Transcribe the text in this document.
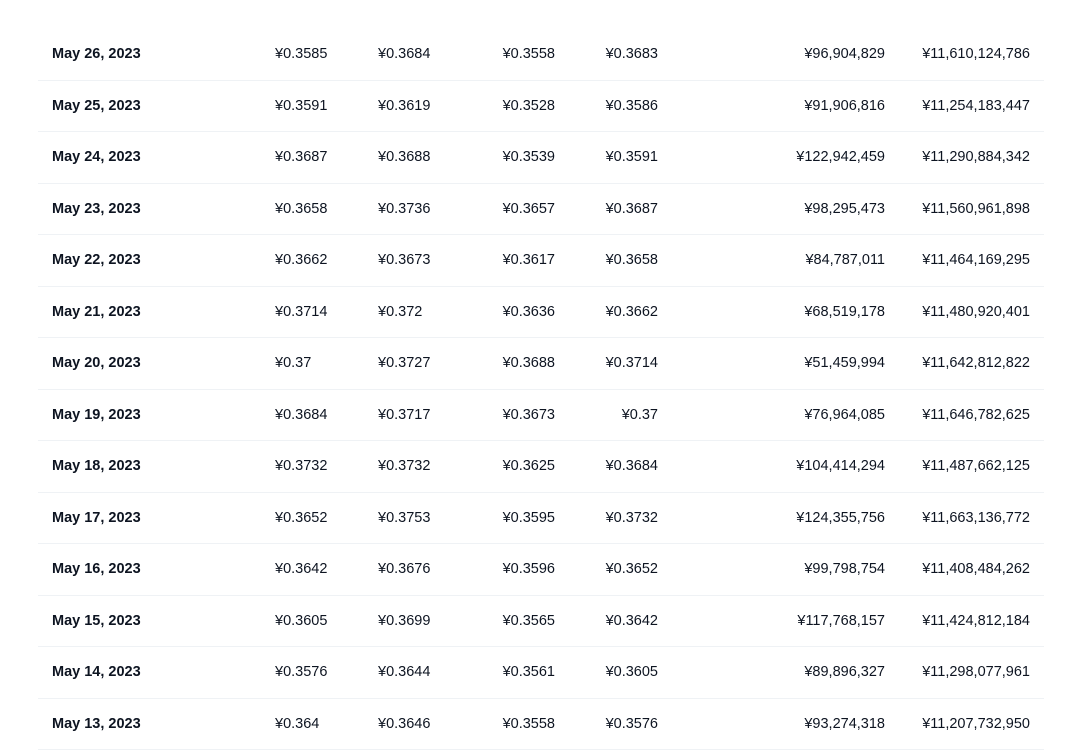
May 26, 2023	¥0.3585	¥0.3684	¥0.3558	¥0.3683	¥96,904,829	¥11,610,124,786
May 25, 2023	¥0.3591	¥0.3619	¥0.3528	¥0.3586	¥91,906,816	¥11,254,183,447
May 24, 2023	¥0.3687	¥0.3688	¥0.3539	¥0.3591	¥122,942,459	¥11,290,884,342
May 23, 2023	¥0.3658	¥0.3736	¥0.3657	¥0.3687	¥98,295,473	¥11,560,961,898
May 22, 2023	¥0.3662	¥0.3673	¥0.3617	¥0.3658	¥84,787,011	¥11,464,169,295
May 21, 2023	¥0.3714	¥0.372	¥0.3636	¥0.3662	¥68,519,178	¥11,480,920,401
May 20, 2023	¥0.37	¥0.3727	¥0.3688	¥0.3714	¥51,459,994	¥11,642,812,822
May 19, 2023	¥0.3684	¥0.3717	¥0.3673	¥0.37	¥76,964,085	¥11,646,782,625
May 18, 2023	¥0.3732	¥0.3732	¥0.3625	¥0.3684	¥104,414,294	¥11,487,662,125
May 17, 2023	¥0.3652	¥0.3753	¥0.3595	¥0.3732	¥124,355,756	¥11,663,136,772
May 16, 2023	¥0.3642	¥0.3676	¥0.3596	¥0.3652	¥99,798,754	¥11,408,484,262
May 15, 2023	¥0.3605	¥0.3699	¥0.3565	¥0.3642	¥117,768,157	¥11,424,812,184
May 14, 2023	¥0.3576	¥0.3644	¥0.3561	¥0.3605	¥89,896,327	¥11,298,077,961
May 13, 2023	¥0.364	¥0.3646	¥0.3558	¥0.3576	¥93,274,318	¥11,207,732,950
